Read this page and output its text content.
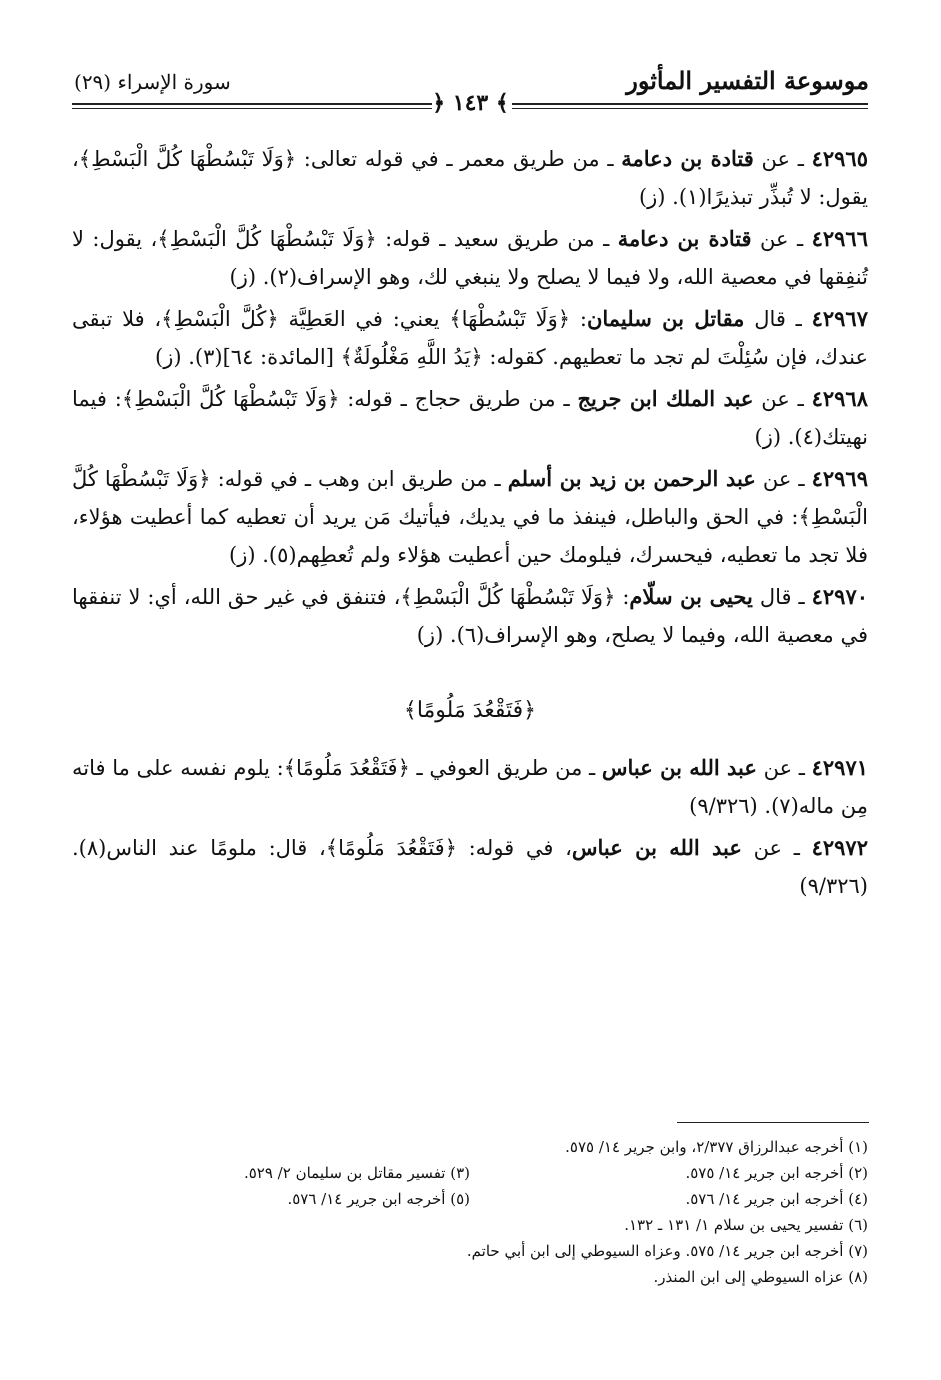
موسوعة التفسير المأثور
سورة الإسراء (٢٩)
﴿ ١٤٣ ﴾

٤٢٩٦٥ ـ عن قتادة بن دعامة ـ من طريق معمر ـ في قوله تعالى: ﴿وَلَا تَبْسُطْهَا كُلَّ الْبَسْطِ﴾، يقول: لا تُبذِّر تبذيرًا(١). (ز)

٤٢٩٦٦ ـ عن قتادة بن دعامة ـ من طريق سعيد ـ قوله: ﴿وَلَا تَبْسُطْهَا كُلَّ الْبَسْطِ﴾، يقول: لا تُنفِقها في معصية الله، ولا فيما لا يصلح ولا ينبغي لك، وهو الإسراف(٢). (ز)

٤٢٩٦٧ ـ قال مقاتل بن سليمان: ﴿وَلَا تَبْسُطْهَا﴾ يعني: في العَطِيَّة ﴿كُلَّ الْبَسْطِ﴾، فلا تبقى عندك، فإن سُئِلْتَ لم تجد ما تعطيهم. كقوله: ﴿يَدُ اللَّهِ مَغْلُولَةٌ﴾ [المائدة: ٦٤](٣). (ز)

٤٢٩٦٨ ـ عن عبد الملك ابن جريج ـ من طريق حجاج ـ قوله: ﴿وَلَا تَبْسُطْهَا كُلَّ الْبَسْطِ﴾: فيما نهيتك(٤). (ز)

٤٢٩٦٩ ـ عن عبد الرحمن بن زيد بن أسلم ـ من طريق ابن وهب ـ في قوله: ﴿وَلَا تَبْسُطْهَا كُلَّ الْبَسْطِ﴾: في الحق والباطل، فينفذ ما في يديك، فيأتيك مَن يريد أن تعطيه كما أعطيت هؤلاء، فلا تجد ما تعطيه، فيحسرك، فيلومك حين أعطيت هؤلاء ولم تُعطِهم(٥). (ز)

٤٢٩٧٠ ـ قال يحيى بن سلّام: ﴿وَلَا تَبْسُطْهَا كُلَّ الْبَسْطِ﴾، فتنفق في غير حق الله، أي: لا تنفقها في معصية الله، وفيما لا يصلح، وهو الإسراف(٦). (ز)

﴿فَتَقْعُدَ مَلُومًا﴾

٤٢٩٧١ ـ عن عبد الله بن عباس ـ من طريق العوفي ـ ﴿فَتَقْعُدَ مَلُومًا﴾: يلوم نفسه على ما فاته مِن ماله(٧). (٩/٣٢٦)

٤٢٩٧٢ ـ عن عبد الله بن عباس، في قوله: ﴿فَتَقْعُدَ مَلُومًا﴾، قال: ملومًا عند الناس(٨). (٩/٣٢٦)

(١) أخرجه عبدالرزاق ٢/٣٧٧، وابن جرير ١٤/ ٥٧٥.
(٢) أخرجه ابن جرير ١٤/ ٥٧٥.
(٣) تفسير مقاتل بن سليمان ٢/ ٥٢٩.
(٤) أخرجه ابن جرير ١٤/ ٥٧٦.
(٥) أخرجه ابن جرير ١٤/ ٥٧٦.
(٦) تفسير يحيى بن سلام ١/ ١٣١ ـ ١٣٢.
(٧) أخرجه ابن جرير ١٤/ ٥٧٥. وعزاه السيوطي إلى ابن أبي حاتم.
(٨) عزاه السيوطي إلى ابن المنذر.
